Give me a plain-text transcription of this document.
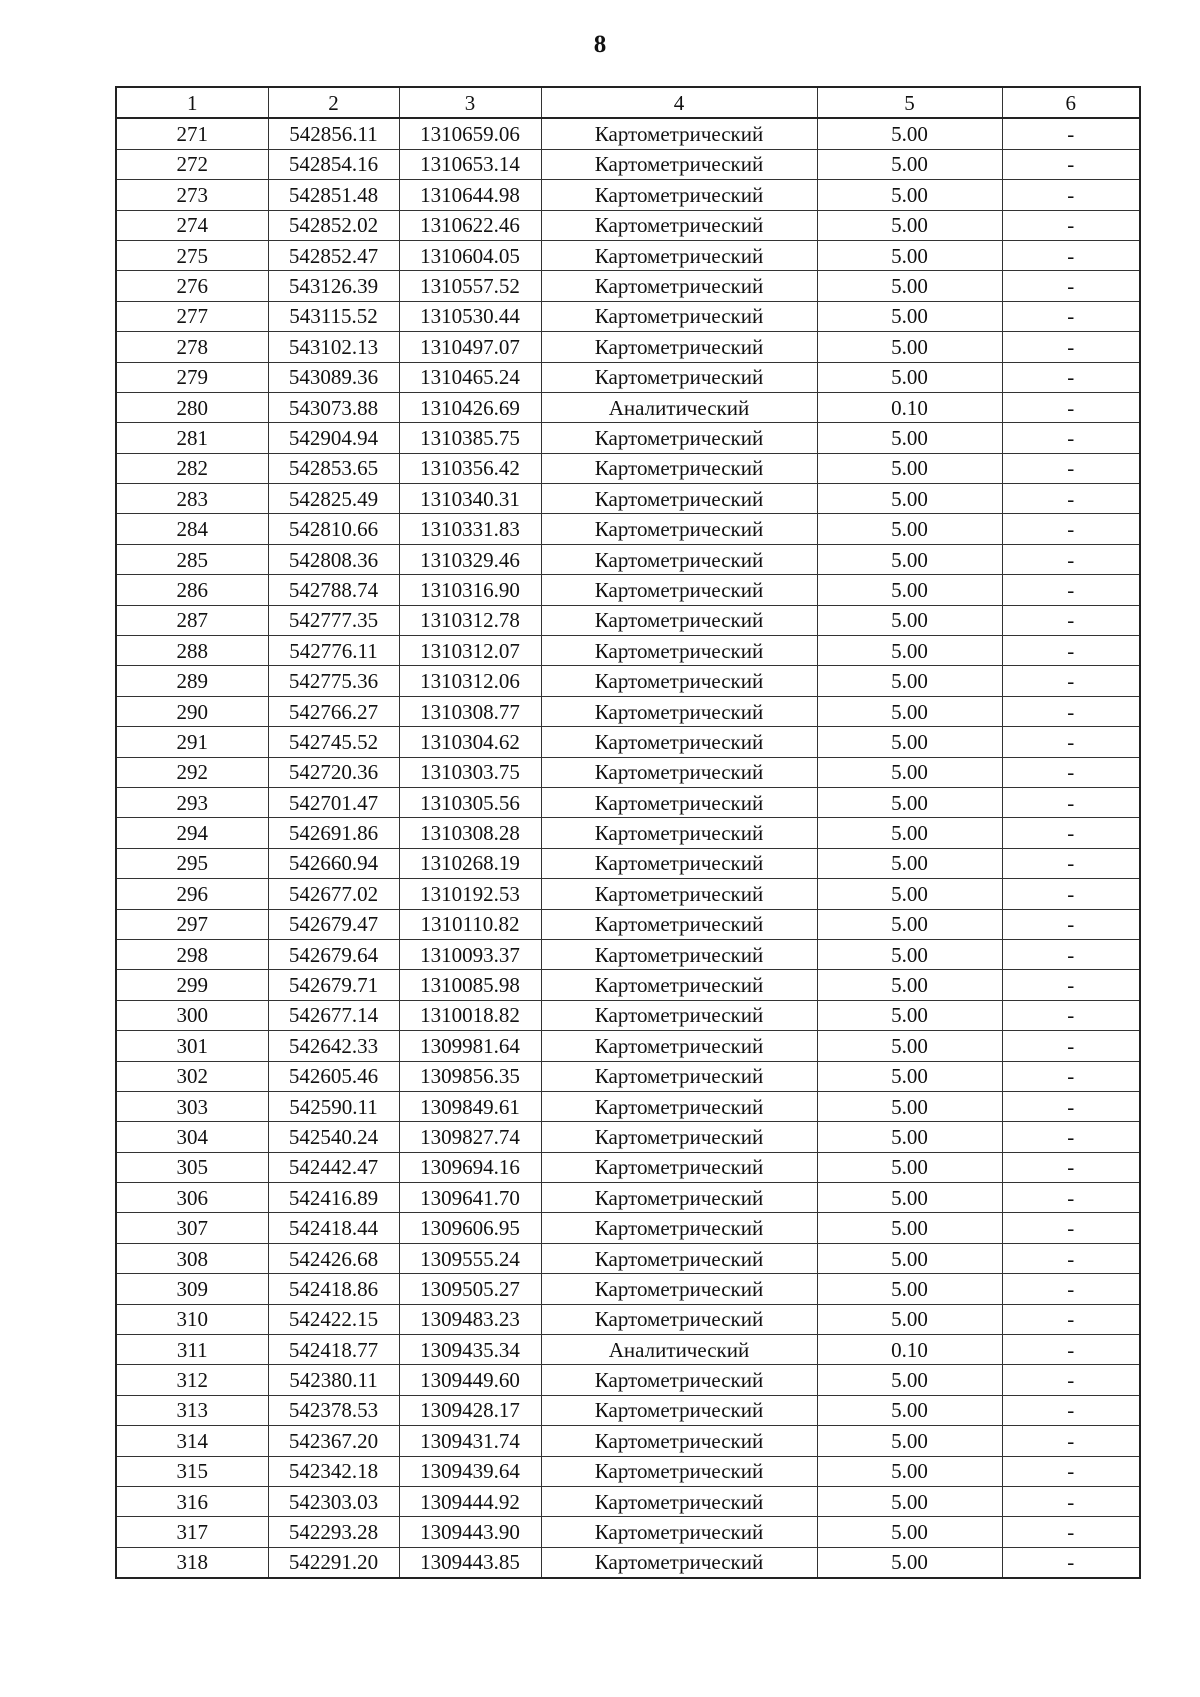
8
1	2	3	4	5	6
271	542856.11	1310659.06	Картометрический	5.00	-
272	542854.16	1310653.14	Картометрический	5.00	-
273	542851.48	1310644.98	Картометрический	5.00	-
274	542852.02	1310622.46	Картометрический	5.00	-
275	542852.47	1310604.05	Картометрический	5.00	-
276	543126.39	1310557.52	Картометрический	5.00	-
277	543115.52	1310530.44	Картометрический	5.00	-
278	543102.13	1310497.07	Картометрический	5.00	-
279	543089.36	1310465.24	Картометрический	5.00	-
280	543073.88	1310426.69	Аналитический	0.10	-
281	542904.94	1310385.75	Картометрический	5.00	-
282	542853.65	1310356.42	Картометрический	5.00	-
283	542825.49	1310340.31	Картометрический	5.00	-
284	542810.66	1310331.83	Картометрический	5.00	-
285	542808.36	1310329.46	Картометрический	5.00	-
286	542788.74	1310316.90	Картометрический	5.00	-
287	542777.35	1310312.78	Картометрический	5.00	-
288	542776.11	1310312.07	Картометрический	5.00	-
289	542775.36	1310312.06	Картометрический	5.00	-
290	542766.27	1310308.77	Картометрический	5.00	-
291	542745.52	1310304.62	Картометрический	5.00	-
292	542720.36	1310303.75	Картометрический	5.00	-
293	542701.47	1310305.56	Картометрический	5.00	-
294	542691.86	1310308.28	Картометрический	5.00	-
295	542660.94	1310268.19	Картометрический	5.00	-
296	542677.02	1310192.53	Картометрический	5.00	-
297	542679.47	1310110.82	Картометрический	5.00	-
298	542679.64	1310093.37	Картометрический	5.00	-
299	542679.71	1310085.98	Картометрический	5.00	-
300	542677.14	1310018.82	Картометрический	5.00	-
301	542642.33	1309981.64	Картометрический	5.00	-
302	542605.46	1309856.35	Картометрический	5.00	-
303	542590.11	1309849.61	Картометрический	5.00	-
304	542540.24	1309827.74	Картометрический	5.00	-
305	542442.47	1309694.16	Картометрический	5.00	-
306	542416.89	1309641.70	Картометрический	5.00	-
307	542418.44	1309606.95	Картометрический	5.00	-
308	542426.68	1309555.24	Картометрический	5.00	-
309	542418.86	1309505.27	Картометрический	5.00	-
310	542422.15	1309483.23	Картометрический	5.00	-
311	542418.77	1309435.34	Аналитический	0.10	-
312	542380.11	1309449.60	Картометрический	5.00	-
313	542378.53	1309428.17	Картометрический	5.00	-
314	542367.20	1309431.74	Картометрический	5.00	-
315	542342.18	1309439.64	Картометрический	5.00	-
316	542303.03	1309444.92	Картометрический	5.00	-
317	542293.28	1309443.90	Картометрический	5.00	-
318	542291.20	1309443.85	Картометрический	5.00	-
